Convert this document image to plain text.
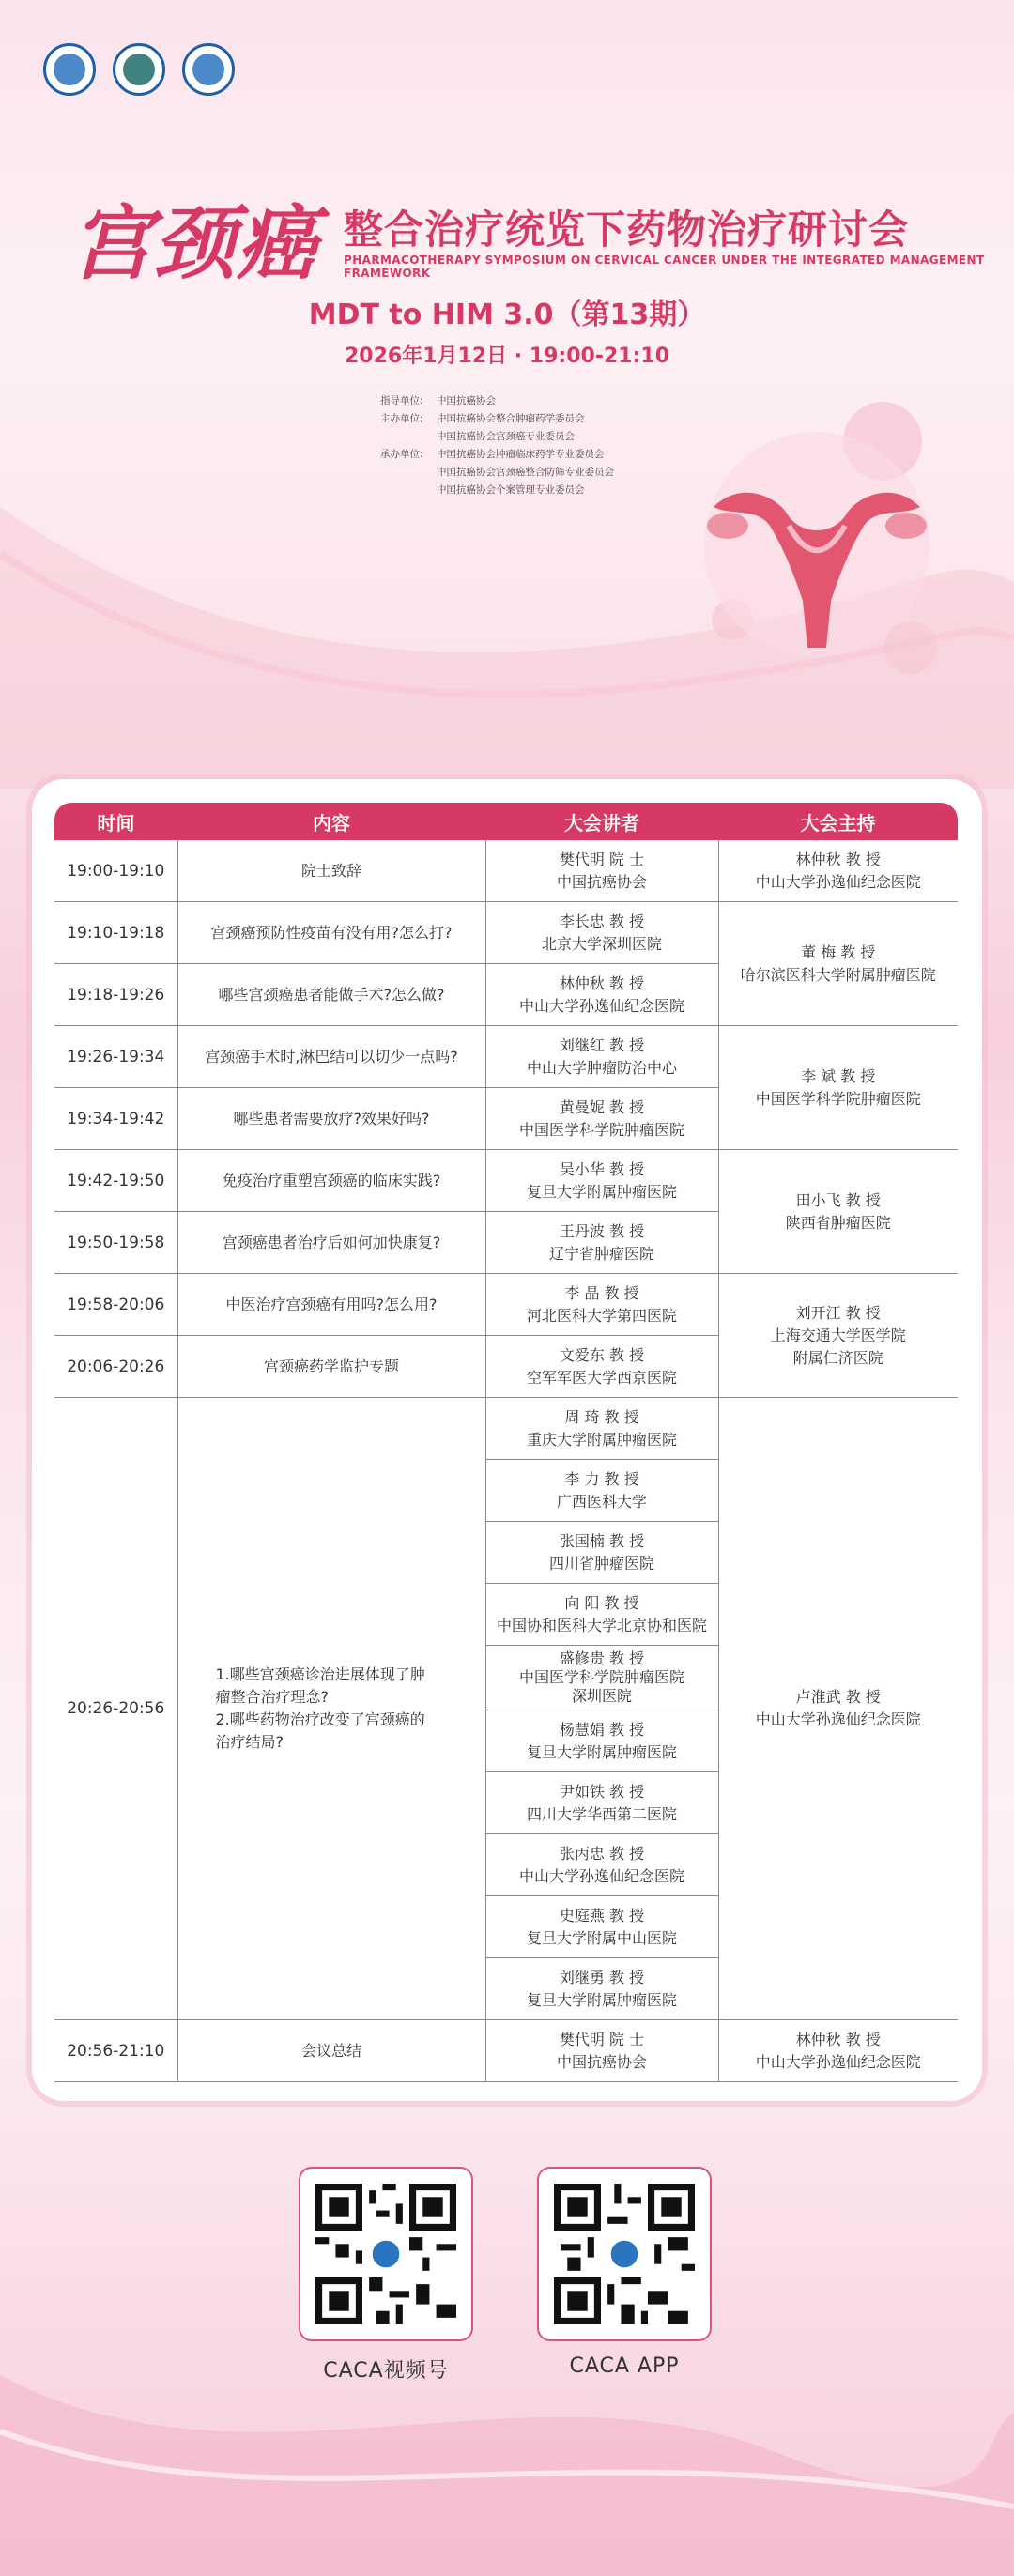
宫颈癌 整合治疗统览下药物治疗研讨会
PHARMACOTHERAPY SYMPOSIUM ON CERVICAL CANCER UNDER THE INTEGRATED MANAGEMENT FRAMEWORK
MDT to HIM 3.0（第13期）
2026年1月12日 · 19:00-21:10
指导单位:	中国抗癌协会
主办单位:	中国抗癌协会整合肿瘤药学委员会
中国抗癌协会宫颈癌专业委员会
承办单位:	中国抗癌协会肿瘤临床药学专业委员会
中国抗癌协会宫颈癌整合防筛专业委员会
中国抗癌协会个案管理专业委员会
时间	内容	大会讲者	大会主持
19:00-19:10	院士致辞	樊代明 院 士
中国抗癌协会	林仲秋 教 授
中山大学孙逸仙纪念医院

19:10-19:18	宫颈癌预防性疫苗有没有用?怎么打?	李长忠 教 授
北京大学深圳医院	董 梅 教 授
哈尔滨医科大学附属肿瘤医院

19:18-19:26	哪些宫颈癌患者能做手术?怎么做?	林仲秋 教 授
中山大学孙逸仙纪念医院	

19:26-19:34	宫颈癌手术时,淋巴结可以切少一点吗?	刘继红 教 授
中山大学肿瘤防治中心	李 斌 教 授
中国医学科学院肿瘤医院

19:34-19:42	哪些患者需要放疗?效果好吗?	黄曼妮 教 授
中国医学科学院肿瘤医院	

19:42-19:50	免疫治疗重塑宫颈癌的临床实践?	吴小华 教 授
复旦大学附属肿瘤医院	田小飞 教 授
陕西省肿瘤医院

19:50-19:58	宫颈癌患者治疗后如何加快康复?	王丹波 教 授
辽宁省肿瘤医院	

19:58-20:06	中医治疗宫颈癌有用吗?怎么用?	李 晶 教 授
河北医科大学第四医院	刘开江 教 授
上海交通大学医学院
附属仁济医院

20:06-20:26	宫颈癌药学监护专题	文爱东 教 授
空军军医大学西京医院	

20:26-20:56	1.哪些宫颈癌诊治进展体现了肿
瘤整合治疗理念?
2.哪些药物治疗改变了宫颈癌的
治疗结局?	周 琦 教 授
重庆大学附属肿瘤医院	卢淮武 教 授
中山大学孙逸仙纪念医院

		李 力 教 授
广西医科大学	

		张国楠 教 授
四川省肿瘤医院	

		向 阳 教 授
中国协和医科大学北京协和医院	

		盛修贵 教 授
中国医学科学院肿瘤医院
深圳医院	

		杨慧娟 教 授
复旦大学附属肿瘤医院	

		尹如铁 教 授
四川大学华西第二医院	

		张丙忠 教 授
中山大学孙逸仙纪念医院	

		史庭燕 教 授
复旦大学附属中山医院	

		刘继勇 教 授
复旦大学附属肿瘤医院	

20:56-21:10	会议总结	樊代明 院 士
中国抗癌协会	林仲秋 教 授
中山大学孙逸仙纪念医院
CACA视频号	CACA APP
